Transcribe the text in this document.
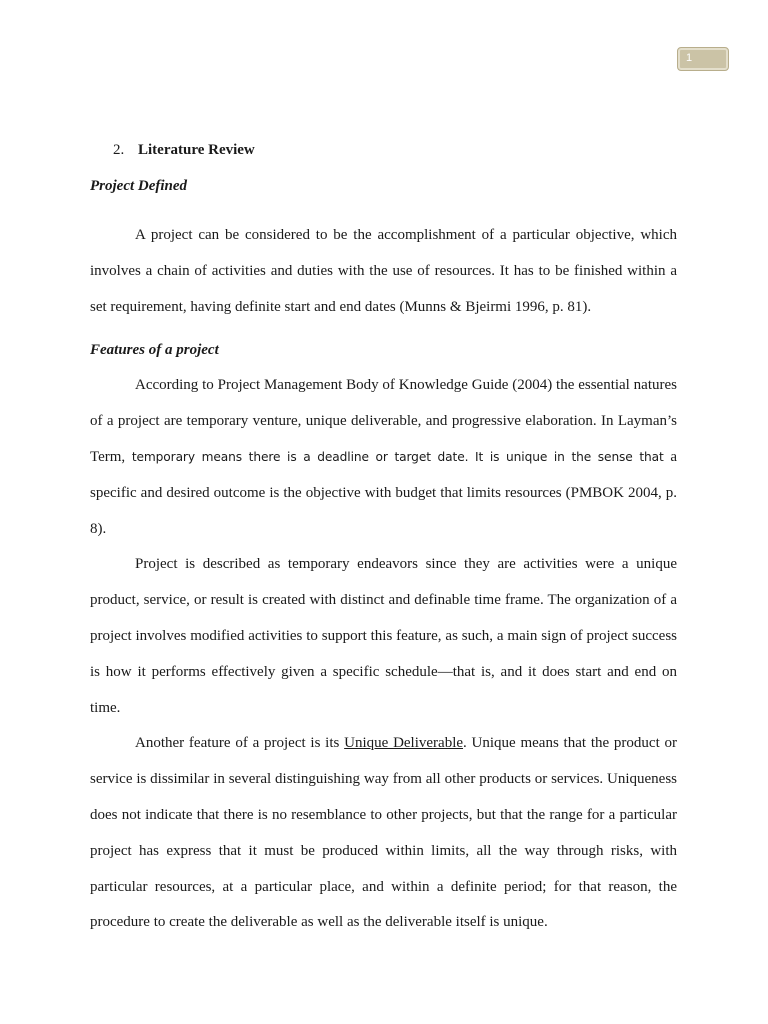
1
2. Literature Review
Project Defined

A project can be considered to be the accomplishment of a particular objective, which involves a chain of activities and duties with the use of resources. It has to be finished within a set requirement, having definite start and end dates (Munns & Bjeirmi 1996, p. 81).

Features of a project

According to Project Management Body of Knowledge Guide (2004) the essential natures of a project are temporary venture, unique deliverable, and progressive elaboration. In Layman’s Term, temporary means there is a deadline or target date. It is unique in the sense that a specific and desired outcome is the objective with budget that limits resources (PMBOK 2004, p. 8).

Project is described as temporary endeavors since they are activities were a unique product, service, or result is created with distinct and definable time frame. The organization of a project involves modified activities to support this feature, as such, a main sign of project success is how it performs effectively given a specific schedule—that is, and it does start and end on time.

Another feature of a project is its Unique Deliverable. Unique means that the product or service is dissimilar in several distinguishing way from all other products or services. Uniqueness does not indicate that there is no resemblance to other projects, but that the range for a particular project has express that it must be produced within limits, all the way through risks, with particular resources, at a particular place, and within a definite period; for that reason, the procedure to create the deliverable as well as the deliverable itself is unique.
